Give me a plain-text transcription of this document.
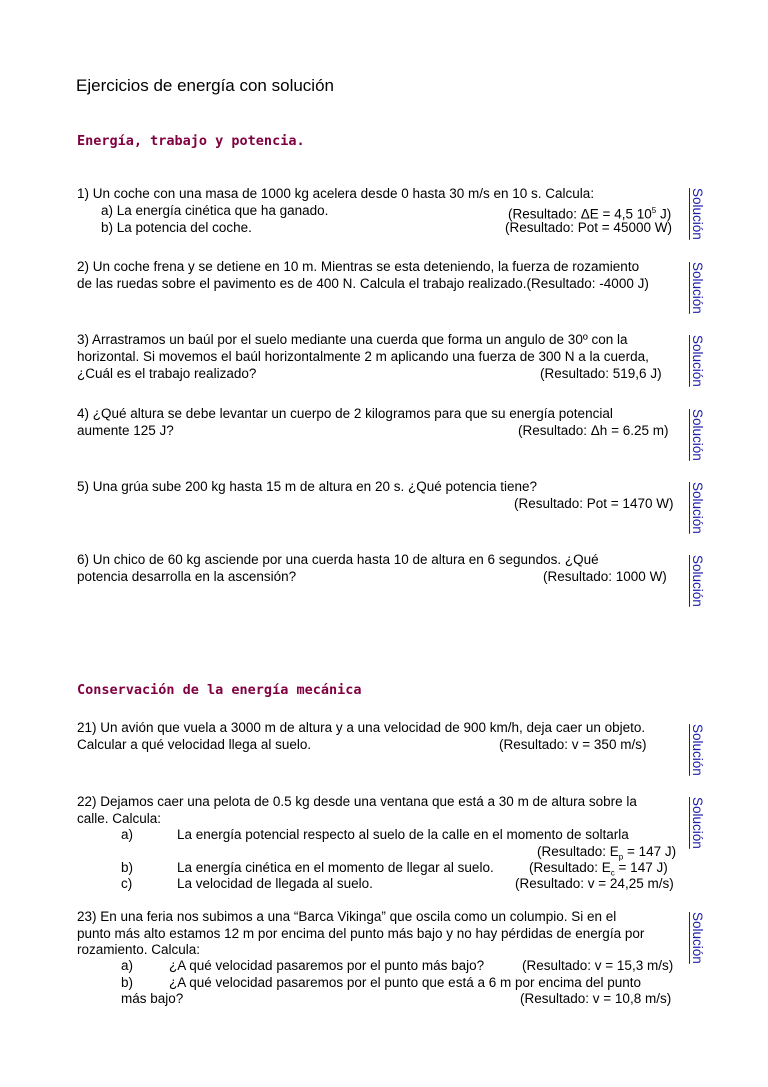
Ejercicios de energía con solución
Energía, trabajo y potencia.
1) Un coche con una masa de 1000 kg acelera desde 0 hasta 30 m/s en 10 s. Calcula:
a) La energía cinética que ha ganado.	(Resultado: ΔE = 4,5 $10^5$ J)
b) La potencia del coche.	(Resultado: Pot = 45000 W) Solución
2) Un coche frena y se detiene en 10 m. Mientras se esta deteniendo, la fuerza de rozamiento
de las ruedas sobre el pavimento es de 400 N. Calcula el trabajo realizado.(Resultado: -4000 J)	Solución
3) Arrastramos un baúl por el suelo mediante una cuerda que forma un angulo de 30º con la
horizontal. Si movemos el baúl horizontalmente 2 m aplicando una fuerza de 300 N a la cuerda,
¿Cuál es el trabajo realizado?	(Resultado: 519,6 J) Solución
4) ¿Qué altura se debe levantar un cuerpo de 2 kilogramos para que su energía potencial
aumente 125 J?	(Resultado: Δh = 6.25 m) Solución
5) Una grúa sube 200 kg hasta 15 m de altura en 20 s. ¿Qué potencia tiene?
(Resultado: Pot = 1470 W) Solución
6) Un chico de 60 kg asciende por una cuerda hasta 10 de altura en 6 segundos. ¿Qué
potencia desarrolla en la ascensión?	(Resultado: 1000 W) Solución
Conservación de la energía mecánica
21) Un avión que vuela a 3000 m de altura y a una velocidad de 900 km/h, deja caer un objeto.
Calcular a qué velocidad llega al suelo.	(Resultado: v = 350 m/s)	Solución
22) Dejamos caer una pelota de 0.5 kg desde una ventana que está a 30 m de altura sobre la
calle. Calcula:
a)	La energía potencial respecto al suelo de la calle en el momento de soltarla
(Resultado: $E_p = 147$ J)
b)	La energía cinética en el momento de llegar al suelo.	(Resultado: $E_c = 147$ J)
c)	La velocidad de llegada al suelo.	(Resultado: v = 24,25 m/s)
Solución
23) En una feria nos subimos a una “Barca Vikinga” que oscila como un columpio. Si en el
punto más alto estamos 12 m por encima del punto más bajo y no hay pérdidas de energía por
rozamiento. Calcula:
a)	¿A qué velocidad pasaremos por el punto más bajo?	(Resultado: v = 15,3 m/s)
b)	¿A qué velocidad pasaremos por el punto que está a 6 m por encima del punto
más bajo?	(Resultado: v = 10,8 m/s)
Solución
